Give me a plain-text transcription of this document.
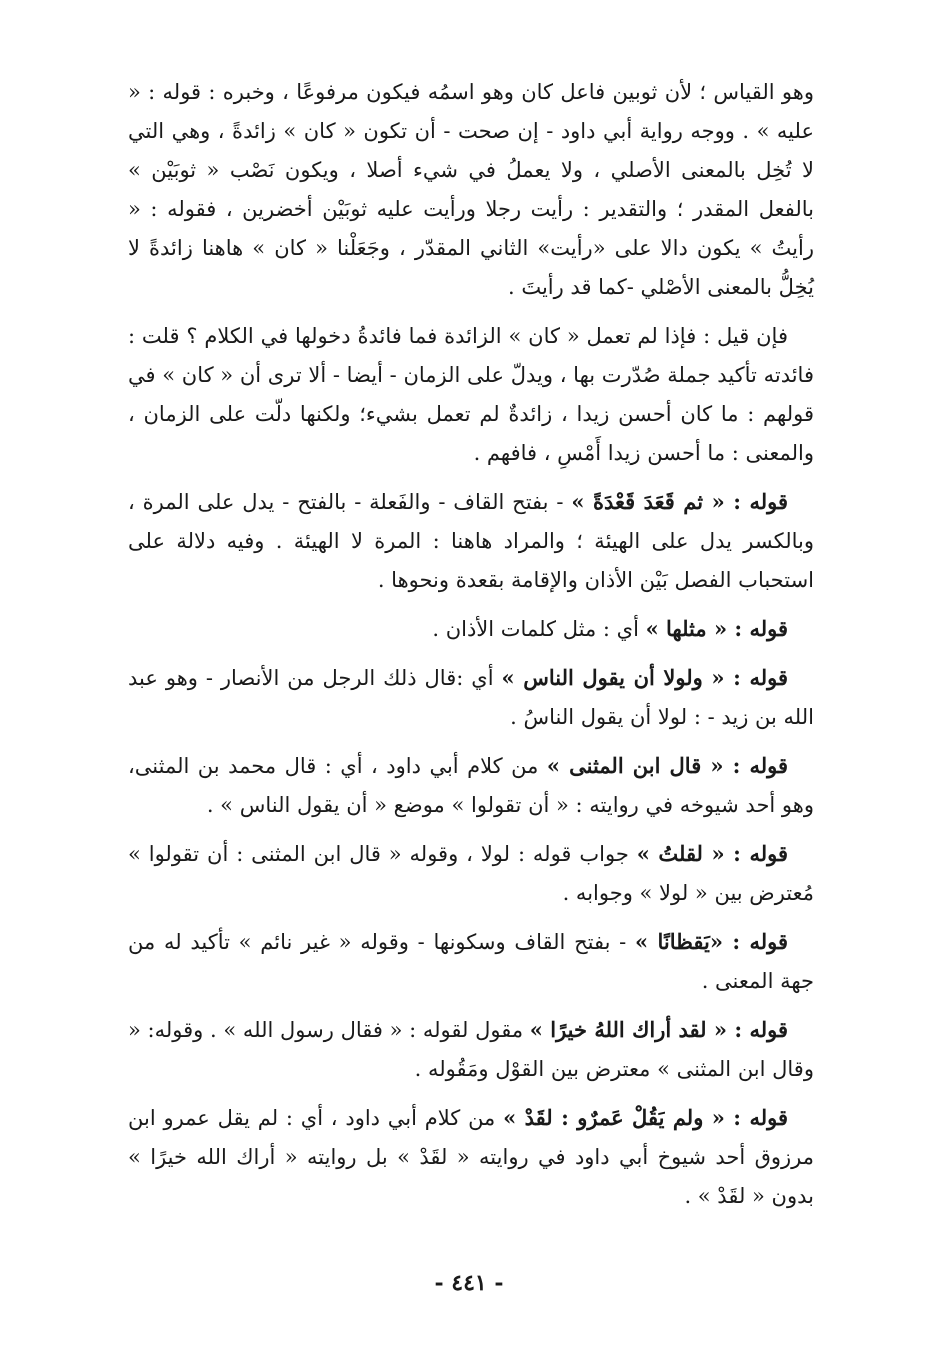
وهو القياس ؛ لأن ثوبين فاعل كان وهو اسمُه فيكون مرفوعًا ، وخبره : قوله : « عليه » . ووجه رواية أبي داود - إن صحت - أن تكون « كان » زائدةً ، وهي التي لا تُخِل بالمعنى الأصلي ، ولا يعملُ في شيء أصلا ، ويكون نَصْب « ثوبَيْن » بالفعل المقدر ؛ والتقدير : رأيت رجلا ورأيت عليه ثوبَيْن أخضرين ، فقوله : « رأيتُ » يكون دالا على «رأيت» الثاني المقدّر ، وجَعَلْنا « كان » هاهنا زائدةً لا يُخِلُّ بالمعنى الأصْلي -كما قد رأيتَ .

فإن قيل : فإذا لم تعمل « كان » الزائدة فما فائدةُ دخولها في الكلام ؟ قلت : فائدته تأكيد جملة صُدّرت بها ، ويدلّ على الزمان - أيضا - ألا ترى أن « كان » في قولهم : ما كان أحسن زيدا ، زائدةٌ لم تعمل بشيء؛ ولكنها دلّت على الزمان ، والمعنى : ما أحسن زيدا أَمْسِ ، فافهم .

قوله : « ثم قَعَدَ قَعْدَةً » - بفتح القاف - والفَعلة - بالفتح - يدل على المرة ، وبالكسر يدل على الهيئة ؛ والمراد هاهنا : المرة لا الهيئة . وفيه دلالة على استحباب الفصل بَيْن الأذان والإقامة بقعدة ونحوها .

قوله : « مثلها » أي : مثل كلمات الأذان .

قوله : « ولولا أن يقول الناس » أي :قال ذلك الرجل من الأنصار - وهو عبد الله بن زيد - : لولا أن يقول الناسُ .

قوله : « قال ابن المثنى » من كلام أبي داود ، أي : قال محمد بن المثنى، وهو أحد شيوخه في روايته : « أن تقولوا » موضع « أن يقول الناس » .

قوله : « لقلتُ » جواب قوله : لولا ، وقوله « قال ابن المثنى : أن تقولوا » مُعترض بين « لولا » وجوابه .

قوله : «يَقظانًا » - بفتح القاف وسكونها - وقوله « غير نائم » تأكيد له من جهة المعنى .

قوله : « لقد أراك اللهُ خيرًا » مقول لقوله : « فقال رسول الله » . وقوله: « وقال ابن المثنى » معترض بين القوْل ومَقُوله .

قوله : « ولم يَقُلْ عَمرٌو : لقَدْ » من كلام أبي داود ، أي : لم يقل عمرو ابن مرزوق أحد شيوخ أبي داود في روايته « لقَدْ » بل روايته « أراك الله خيرًا » بدون « لقَدْ » .

- ٤٤١ -
